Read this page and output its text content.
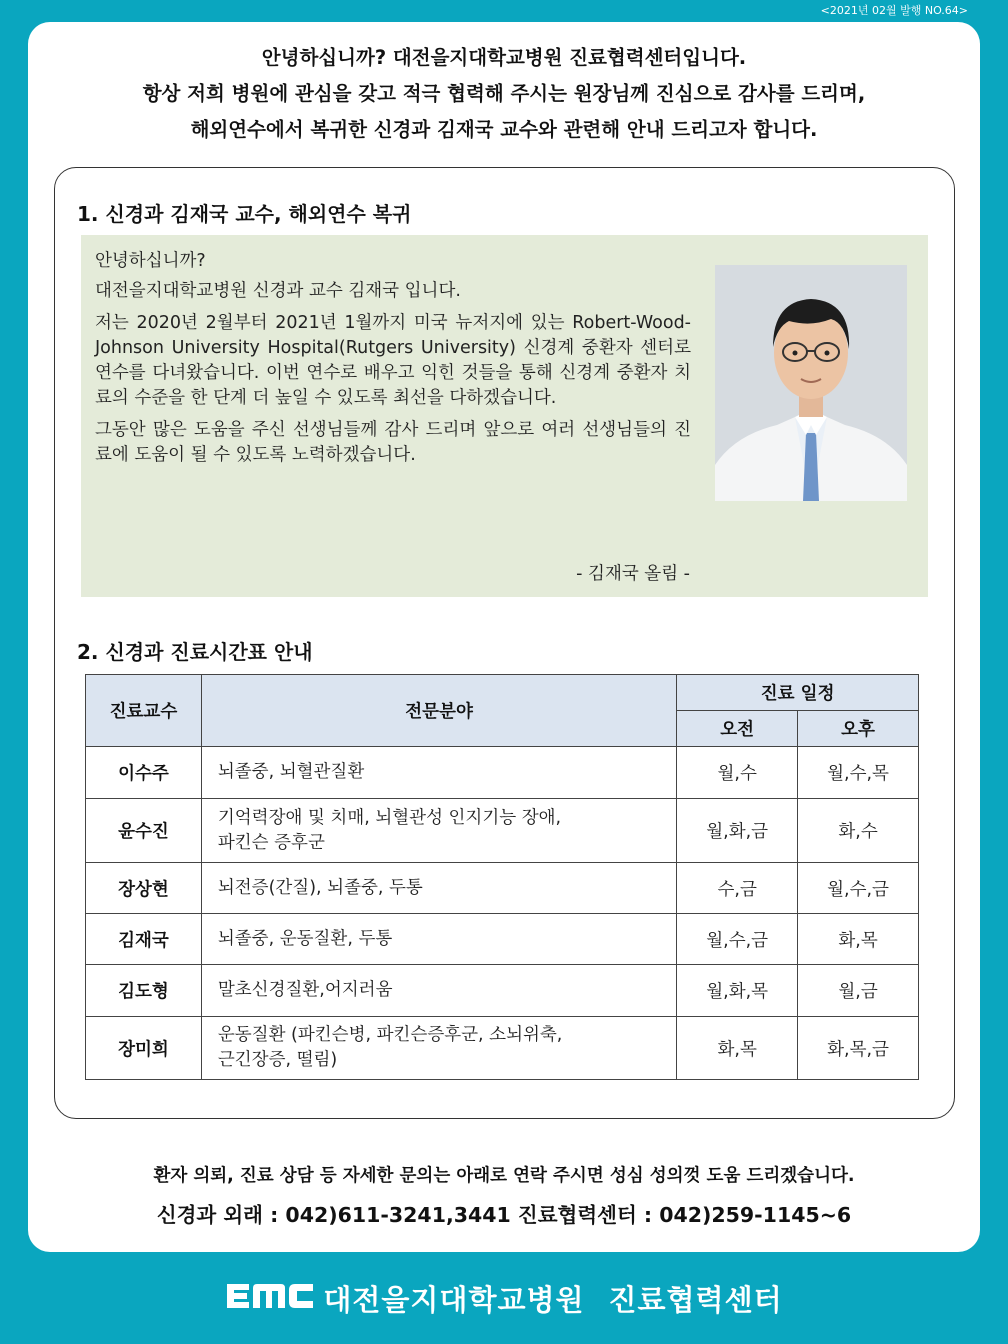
<2021년 02월 발행 NO.64>

안녕하십니까? 대전을지대학교병원 진료협력센터입니다.

항상 저희 병원에 관심을 갖고 적극 협력해 주시는 원장님께 진심으로 감사를 드리며,

해외연수에서 복귀한 신경과 김재국 교수와 관련해 안내 드리고자 합니다.

1. 신경과 김재국 교수, 해외연수 복귀

안녕하십니까?

대전을지대학교병원 신경과 교수 김재국 입니다.

저는 2020년 2월부터 2021년 1월까지 미국 뉴저지에 있는 Robert-Wood-Johnson University Hospital(Rutgers University) 신경계 중환자 센터로 연수를 다녀왔습니다. 이번 연수로 배우고 익힌 것들을 통해 신경계 중환자 치료의 수준을 한 단계 더 높일 수 있도록 최선을 다하겠습니다.

그동안 많은 도움을 주신 선생님들께 감사 드리며 앞으로 여러 선생님들의 진료에 도움이 될 수 있도록 노력하겠습니다.

- 김재국 올림 -
2. 신경과 진료시간표 안내
진료교수	전문분야	진료 일정	
		오전	오후
이수주	뇌졸중, 뇌혈관질환	월,수	월,수,목
윤수진	기억력장애 및 치매, 뇌혈관성 인지기능 장애,
파킨슨 증후군	월,화,금	화,수
장상현	뇌전증(간질), 뇌졸중, 두통	수,금	월,수,금
김재국	뇌졸중, 운동질환, 두통	월,수,금	화,목
김도형	말초신경질환,어지러움	월,화,목	월,금
장미희	운동질환 (파킨슨병, 파킨슨증후군, 소뇌위축,
근긴장증, 떨림)	화,목	화,목,금
환자 의뢰, 진료 상담 등 자세한 문의는 아래로 연락 주시면 성심 성의껏 도움 드리겠습니다.
신경과 외래 : 042)611-3241,3441 진료협력센터 : 042)259-1145~6
대전을지대학교병원 진료협력센터
